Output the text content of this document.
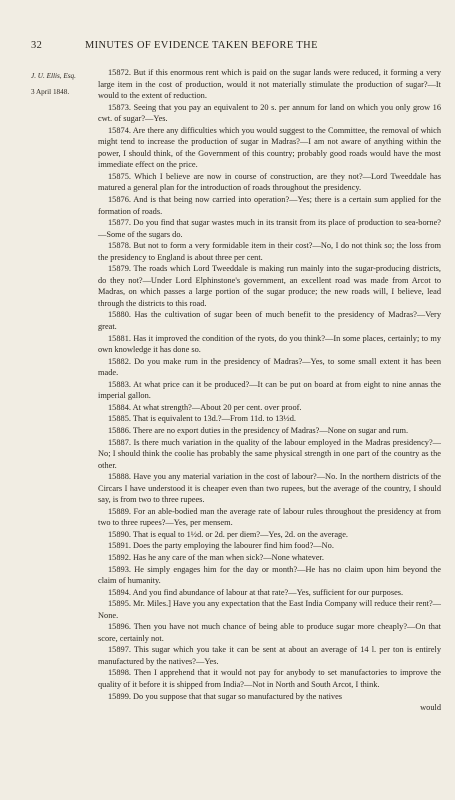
32	MINUTES OF EVIDENCE TAKEN BEFORE THE
J. U. Ellis, Esq.
3 April 1848.

15872. But if this enormous rent which is paid on the sugar lands were reduced, it forming a very large item in the cost of production, would it not materially stimulate the production of sugar?—It would to the extent of reduction.

15873. Seeing that you pay an equivalent to 20 s. per annum for land on which you only grow 16 cwt. of sugar?—Yes.

15874. Are there any difficulties which you would suggest to the Committee, the removal of which might tend to increase the production of sugar in Madras?—I am not aware of anything within the power, I should think, of the Government of this country; probably good roads would have the most immediate effect on the price.

15875. Which I believe are now in course of construction, are they not?—Lord Tweeddale has matured a general plan for the introduction of roads throughout the presidency.

15876. And is that being now carried into operation?—Yes; there is a certain sum applied for the formation of roads.

15877. Do you find that sugar wastes much in its transit from its place of production to sea-borne?—Some of the sugars do.

15878. But not to form a very formidable item in their cost?—No, I do not think so; the loss from the presidency to England is about three per cent.

15879. The roads which Lord Tweeddale is making run mainly into the sugar-producing districts, do they not?—Under Lord Elphinstone's government, an excellent road was made from Arcot to Madras, on which passes a large portion of the sugar produce; the new roads will, I believe, lead through the districts to this road.

15880. Has the cultivation of sugar been of much benefit to the presidency of Madras?—Very great.

15881. Has it improved the condition of the ryots, do you think?—In some places, certainly; to my own knowledge it has done so.

15882. Do you make rum in the presidency of Madras?—Yes, to some small extent it has been made.

15883. At what price can it be produced?—It can be put on board at from eight to nine annas the imperial gallon.

15884. At what strength?—About 20 per cent. over proof.

15885. That is equivalent to 13d.?—From 11d. to 13½d.

15886. There are no export duties in the presidency of Madras?—None on sugar and rum.

15887. Is there much variation in the quality of the labour employed in the Madras presidency?—No; I should think the coolie has probably the same physical strength in one part of the country as the other.

15888. Have you any material variation in the cost of labour?—No. In the northern districts of the Circars I have understood it is cheaper even than two rupees, but the average of the country, I should say, is from two to three rupees.

15889. For an able-bodied man the average rate of labour rules throughout the presidency at from two to three rupees?—Yes, per mensem.

15890. That is equal to 1½d. or 2d. per diem?—Yes, 2d. on the average.

15891. Does the party employing the labourer find him food?—No.

15892. Has he any care of the man when sick?—None whatever.

15893. He simply engages him for the day or month?—He has no claim upon him beyond the claim of humanity.

15894. And you find abundance of labour at that rate?—Yes, sufficient for our purposes.

15895. Mr. Miles.] Have you any expectation that the East India Company will reduce their rent?—None.

15896. Then you have not much chance of being able to produce sugar more cheaply?—On that score, certainly not.

15897. This sugar which you take it can be sent at about an average of 14 l. per ton is entirely manufactured by the natives?—Yes.

15898. Then I apprehend that it would not pay for anybody to set manufactories to improve the quality of it before it is shipped from India?—Not in North and South Arcot, I think.

15899. Do you suppose that that sugar so manufactured by the natives

would
